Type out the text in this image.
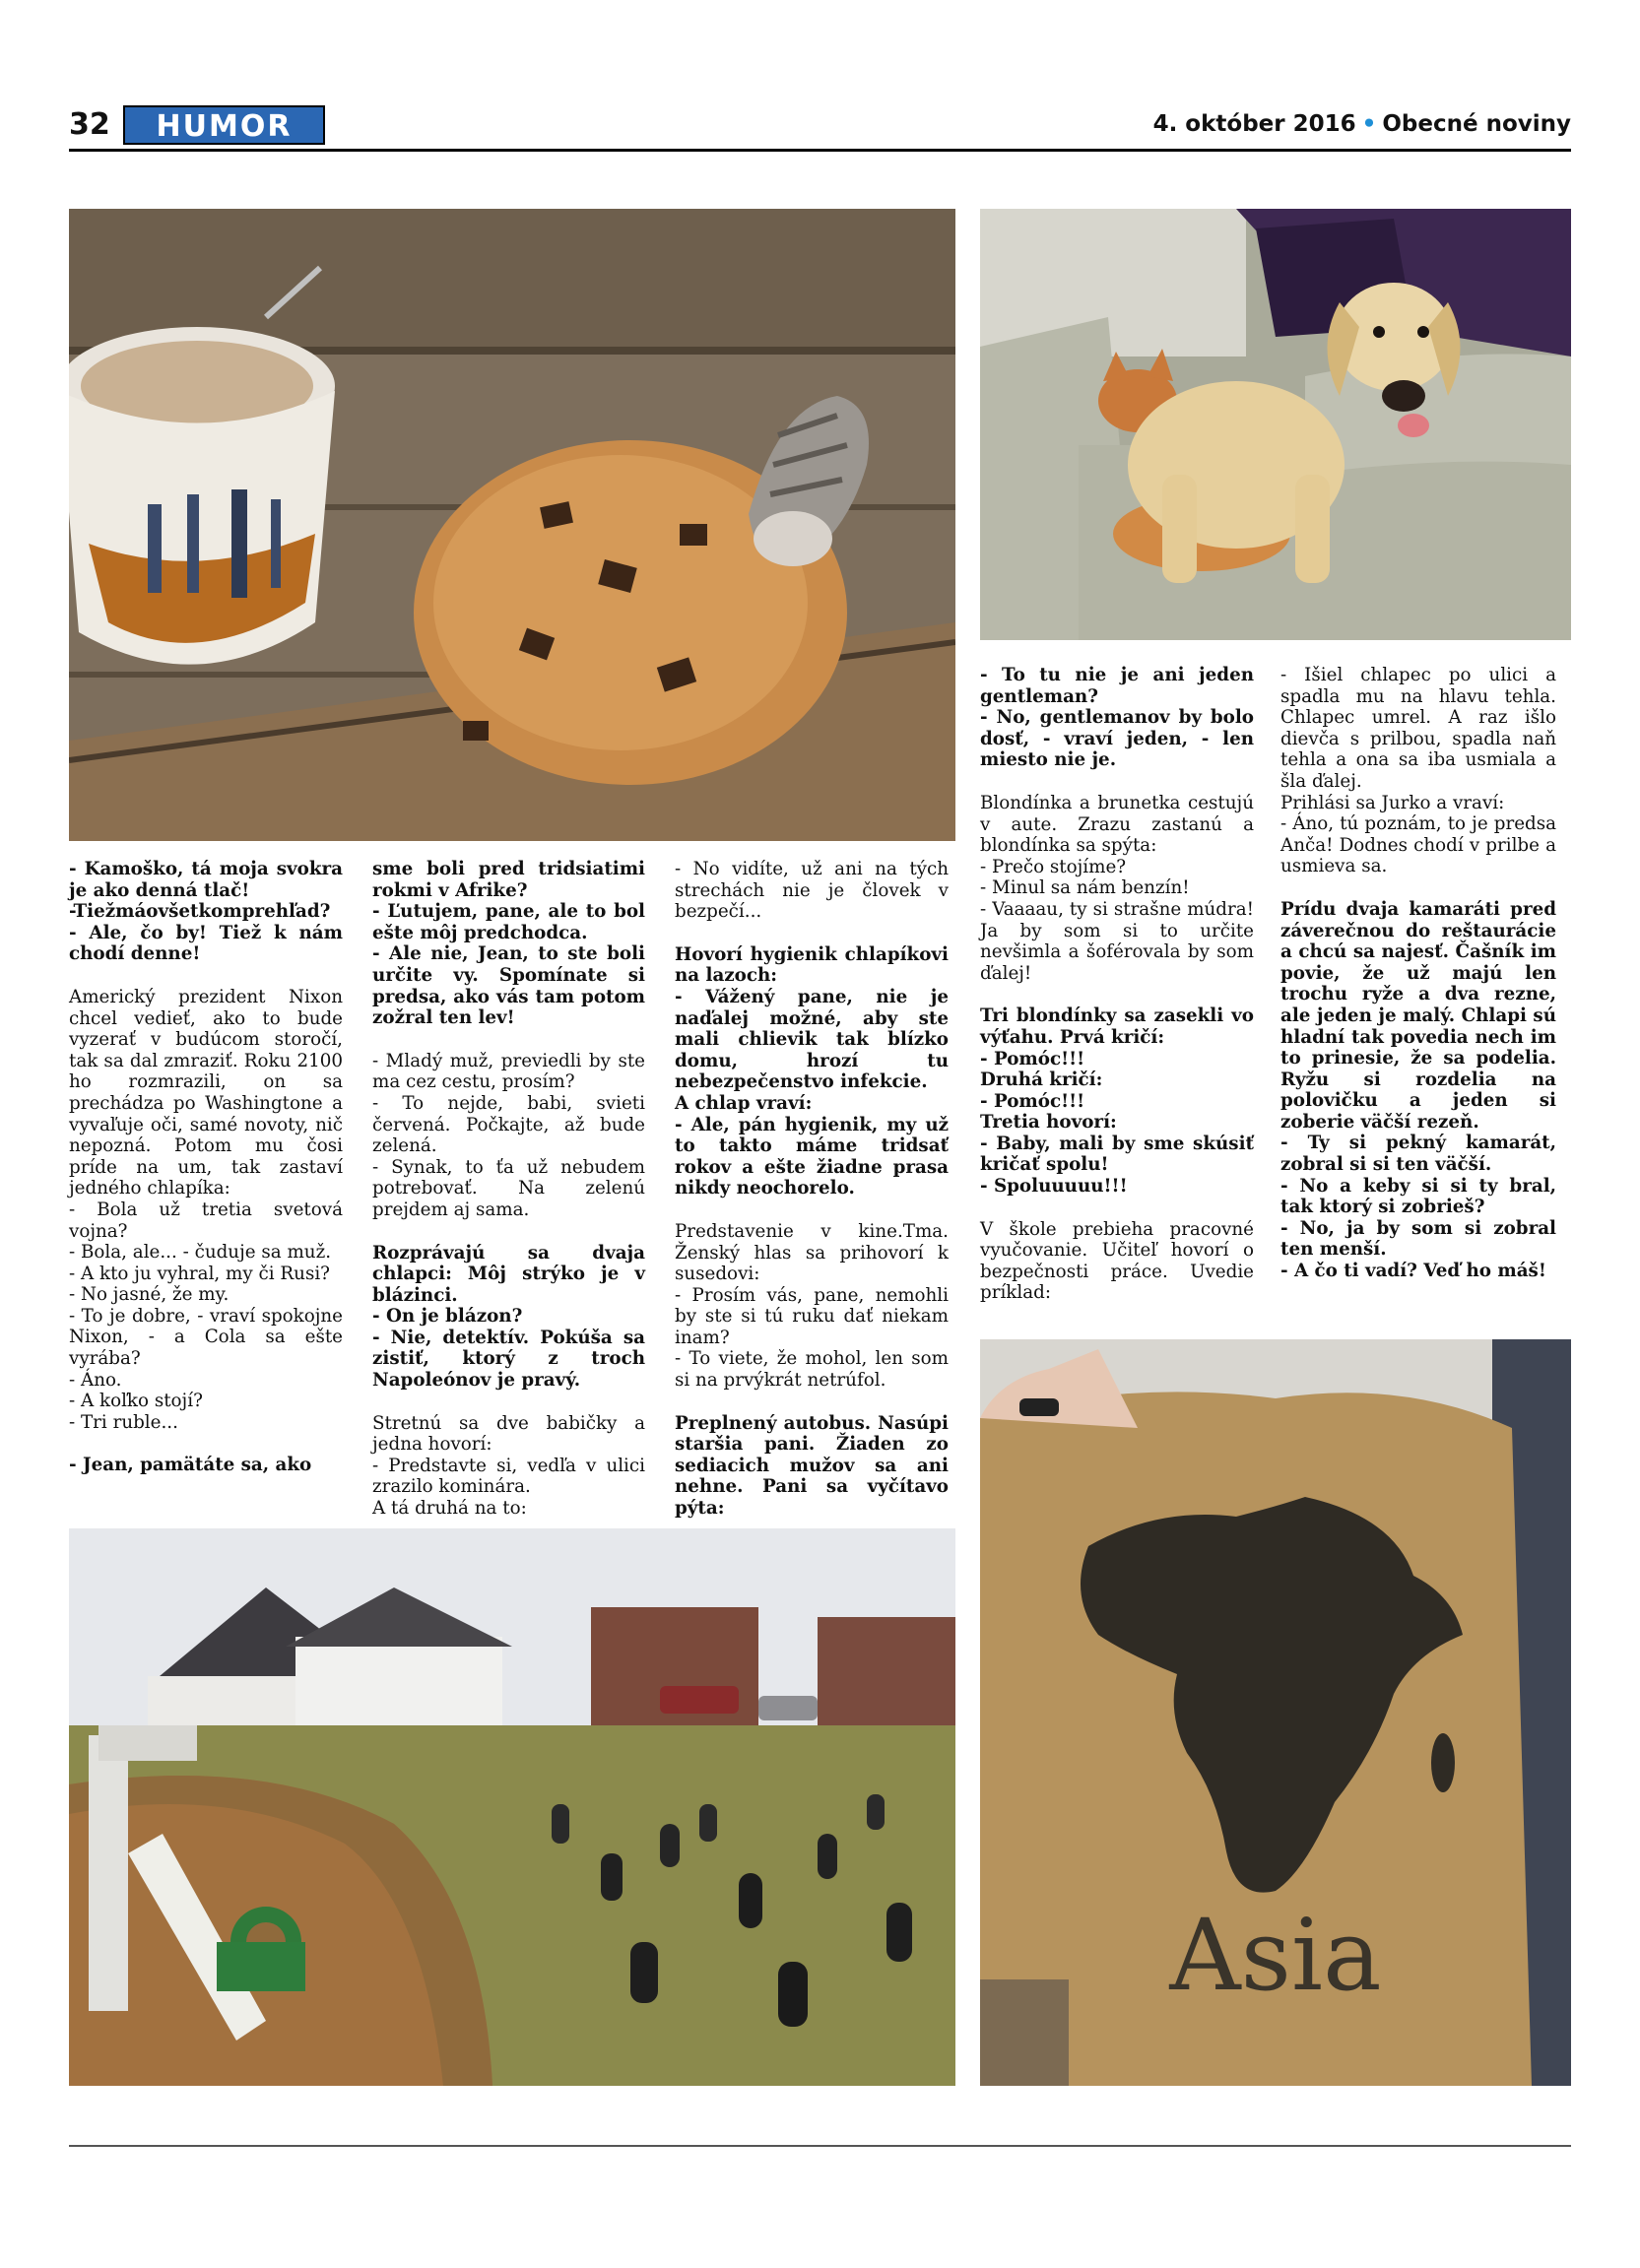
32	HUMOR	4. október 2016 • Obecné noviny
Asia

- Kamoško, tá moja svokra je ako denná tlač!

-Tiežmáovšetkomprehľad?

- Ale, čo by! Tiež k nám chodí denne!

Americký prezident Nixon chcel vedieť, ako to bude vyzerať v budúcom storočí, tak sa dal zmraziť. Roku 2100 ho rozmrazili, on sa prechádza po Washingtone a vyvaľuje oči, samé novoty, nič nepozná. Potom mu čosi príde na um, tak zastaví jedného chlapíka:

- Bola už tretia svetová vojna?

- Bola, ale... - čuduje sa muž.

- A kto ju vyhral, my či Rusi?

- No jasné, že my.

- To je dobre, - vraví spokojne Nixon, - a Cola sa ešte vyrába?

- Áno.

- A koľko stojí?

- Tri ruble...

- Jean, pamätáte sa, ako

sme boli pred tridsiatimi rokmi v Afrike?

- Ľutujem, pane, ale to bol ešte môj predchodca.

- Ale nie, Jean, to ste boli určite vy. Spomínate si predsa, ako vás tam potom zožral ten lev!

- Mladý muž, previedli by ste ma cez cestu, prosím?

- To nejde, babi, svieti červená. Počkajte, až bude zelená.

- Synak, to ťa už nebudem potrebovať. Na zelenú prejdem aj sama.

Rozprávajú sa dvaja chlapci: Môj strýko je v blázinci.

- On je blázon?

- Nie, detektív. Pokúša sa zistiť, ktorý z troch Napoleónov je pravý.

Stretnú sa dve babičky a jedna hovorí:

- Predstavte si, vedľa v ulici zrazilo kominára.

A tá druhá na to:

- No vidíte, už ani na tých strechách nie je človek v bezpečí...

Hovorí hygienik chlapíkovi na lazoch:

- Vážený pane, nie je naďalej možné, aby ste mali chlievik tak blízko domu, hrozí tu nebezpečenstvo infekcie.

A chlap vraví:

- Ale, pán hygienik, my už to takto máme tridsať rokov a ešte žiadne prasa nikdy neochorelo.

Predstavenie v kine.Tma. Ženský hlas sa prihovorí k susedovi:

- Prosím vás, pane, nemohli by ste si tú ruku dať niekam inam?

- To viete, že mohol, len som si na prvýkrát netrúfol.

Preplnený autobus. Nasúpi staršia pani. Žiaden zo sediacich mužov sa ani nehne. Pani sa vyčítavo pýta:

- To tu nie je ani jeden gentleman?

- No, gentlemanov by bolo dosť, - vraví jeden, - len miesto nie je.

Blondínka a brunetka cestujú v aute. Zrazu zastanú a blondínka sa spýta:

- Prečo stojíme?

- Minul sa nám benzín!

- Vaaaau, ty si strašne múdra! Ja by som si to určite nevšimla a šoférovala by som ďalej!

Tri blondínky sa zasekli vo výťahu. Prvá kričí:

- Pomóc!!!

Druhá kričí:

- Pomóc!!!

Tretia hovorí:

- Baby, mali by sme skúsiť kričať spolu!

- Spoluuuuu!!!

V škole prebieha pracovné vyučovanie. Učiteľ hovorí o bezpečnosti práce. Uvedie príklad:

- Išiel chlapec po ulici a spadla mu na hlavu tehla. Chlapec umrel. A raz išlo dievča s prilbou, spadla naň tehla a ona sa iba usmiala a šla ďalej.

Prihlási sa Jurko a vraví:

- Áno, tú poznám, to je predsa Anča! Dodnes chodí v prilbe a usmieva sa.

Prídu dvaja kamaráti pred záverečnou do reštaurácie a chcú sa najesť. Čašník im povie, že už majú len trochu ryže a dva rezne, ale jeden je malý. Chlapi sú hladní tak povedia nech im to prinesie, že sa podelia. Ryžu si rozdelia na polovičku a jeden si zoberie väčší rezeň.

- Ty si pekný kamarát, zobral si si ten väčší.

- No a keby si si ty bral, tak ktorý si zobrieš?

- No, ja by som si zobral ten menší.

- A čo ti vadí? Veď ho máš!
